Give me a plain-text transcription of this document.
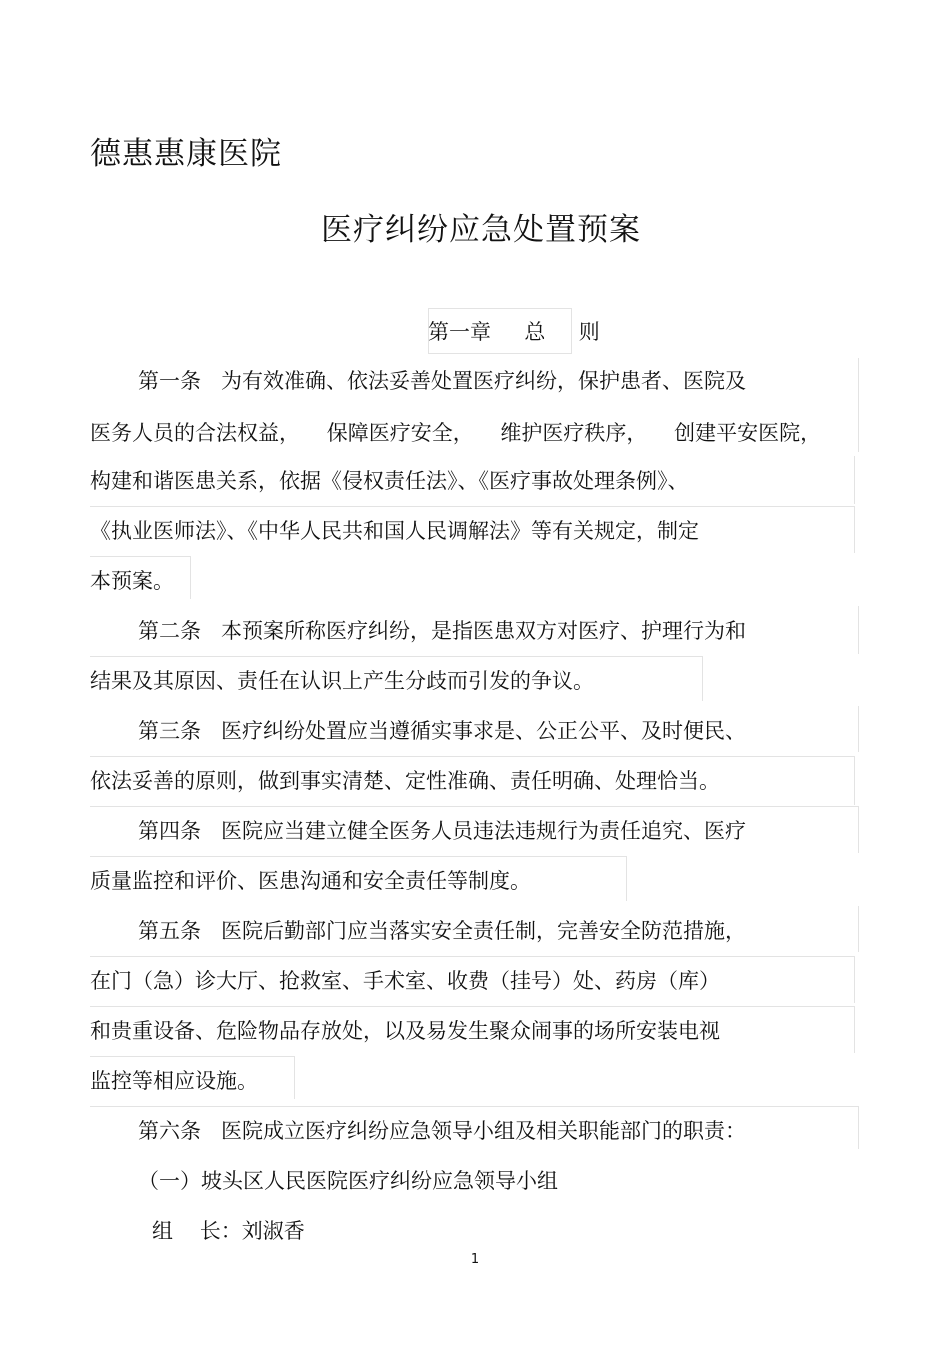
德惠惠康医院
医疗纠纷应急处置预案
第一章  总  则
第一条   为有效准确、依法妥善处置医疗纠纷，保护患者、医院及
医务人员的合法权益，    保障医疗安全，    维护医疗秩序，    创建平安医院，
构建和谐医患关系，依据《侵权责任法》、《医疗事故处理条例》、
《执业医师法》、《中华人民共和国人民调解法》等有关规定，制定
本预案。
第二条   本预案所称医疗纠纷，是指医患双方对医疗、护理行为和
结果及其原因、责任在认识上产生分歧而引发的争议。
第三条   医疗纠纷处置应当遵循实事求是、公正公平、及时便民、
依法妥善的原则，做到事实清楚、定性准确、责任明确、处理恰当。
第四条   医院应当建立健全医务人员违法违规行为责任追究、医疗
质量监控和评价、医患沟通和安全责任等制度。
第五条   医院后勤部门应当落实安全责任制，完善安全防范措施，
在门（急）诊大厅、抢救室、手术室、收费（挂号）处、药房（库）
和贵重设备、危险物品存放处，以及易发生聚众闹事的场所安装电视
监控等相应设施。
第六条   医院成立医疗纠纷应急领导小组及相关职能部门的职责：
（一）坡头区人民医院医疗纠纷应急领导小组
组    长：刘淑香
1
